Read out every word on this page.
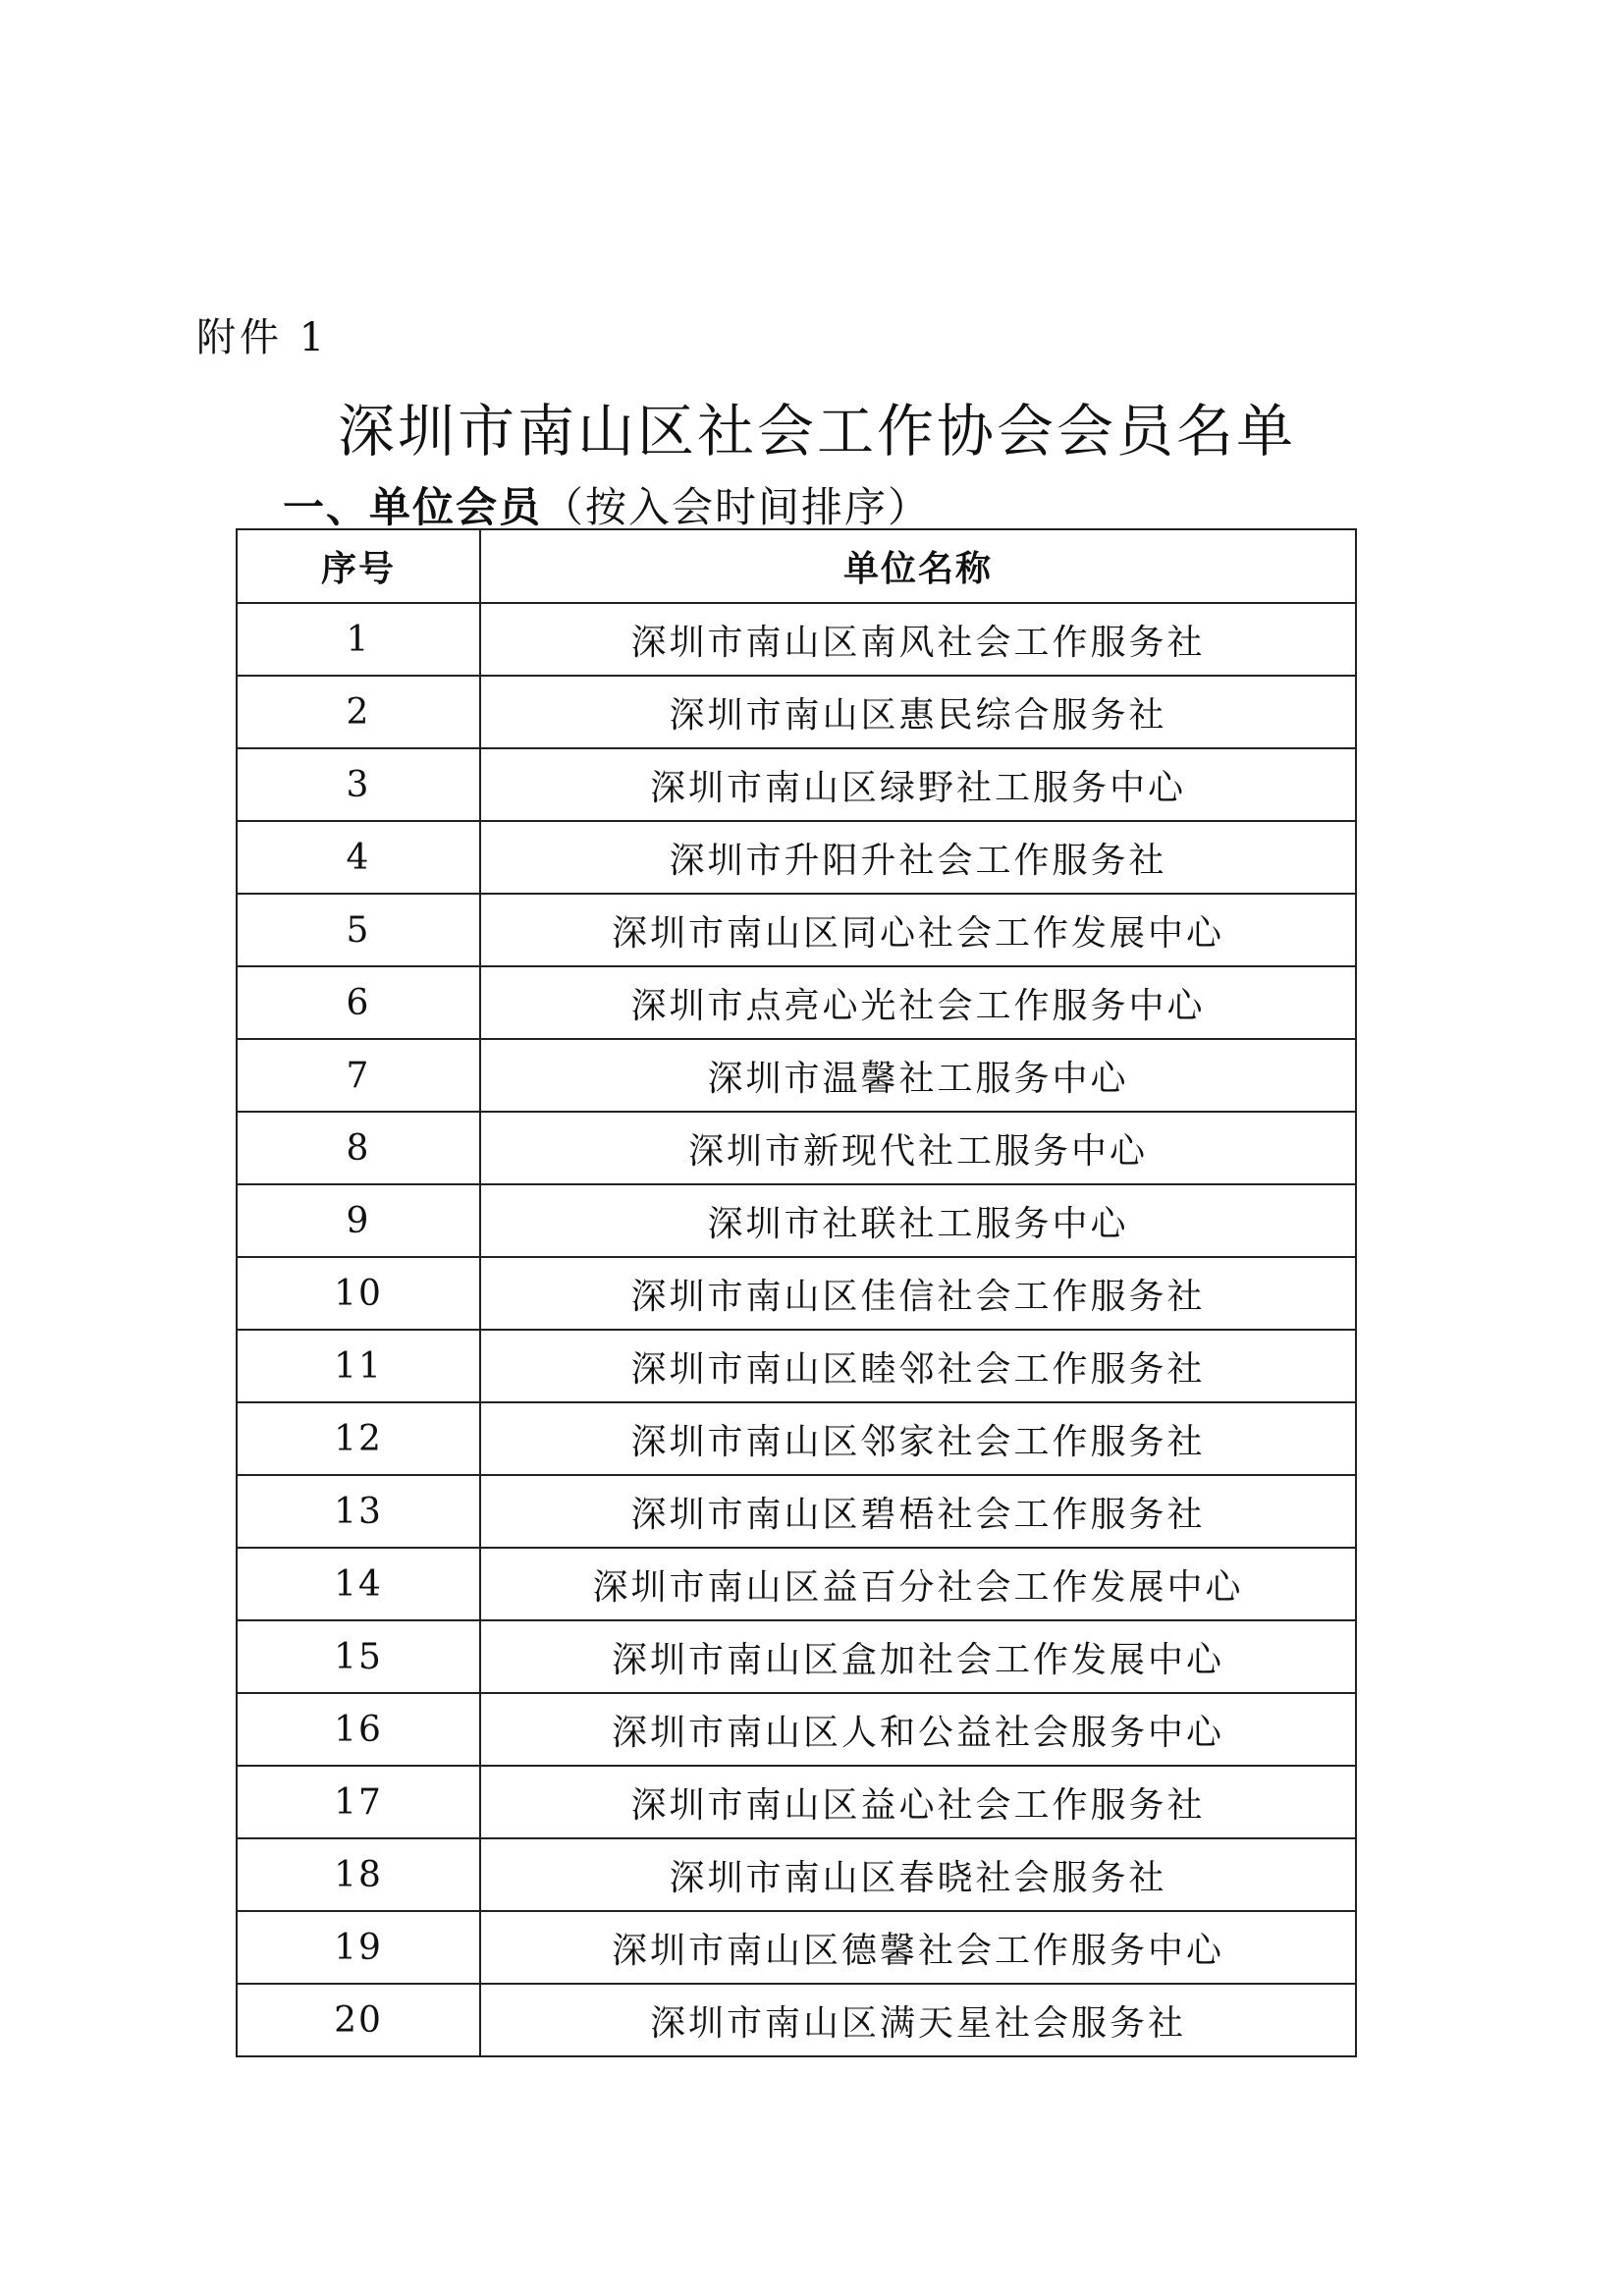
附件 1
深圳市南山区社会工作协会会员名单
一、单位会员（按入会时间排序）
序号	单位名称
1	深圳市南山区南风社会工作服务社
2	深圳市南山区惠民综合服务社
3	深圳市南山区绿野社工服务中心
4	深圳市升阳升社会工作服务社
5	深圳市南山区同心社会工作发展中心
6	深圳市点亮心光社会工作服务中心
7	深圳市温馨社工服务中心
8	深圳市新现代社工服务中心
9	深圳市社联社工服务中心
10	深圳市南山区佳信社会工作服务社
11	深圳市南山区睦邻社会工作服务社
12	深圳市南山区邻家社会工作服务社
13	深圳市南山区碧梧社会工作服务社
14	深圳市南山区益百分社会工作发展中心
15	深圳市南山区盒加社会工作发展中心
16	深圳市南山区人和公益社会服务中心
17	深圳市南山区益心社会工作服务社
18	深圳市南山区春晓社会服务社
19	深圳市南山区德馨社会工作服务中心
20	深圳市南山区满天星社会服务社
